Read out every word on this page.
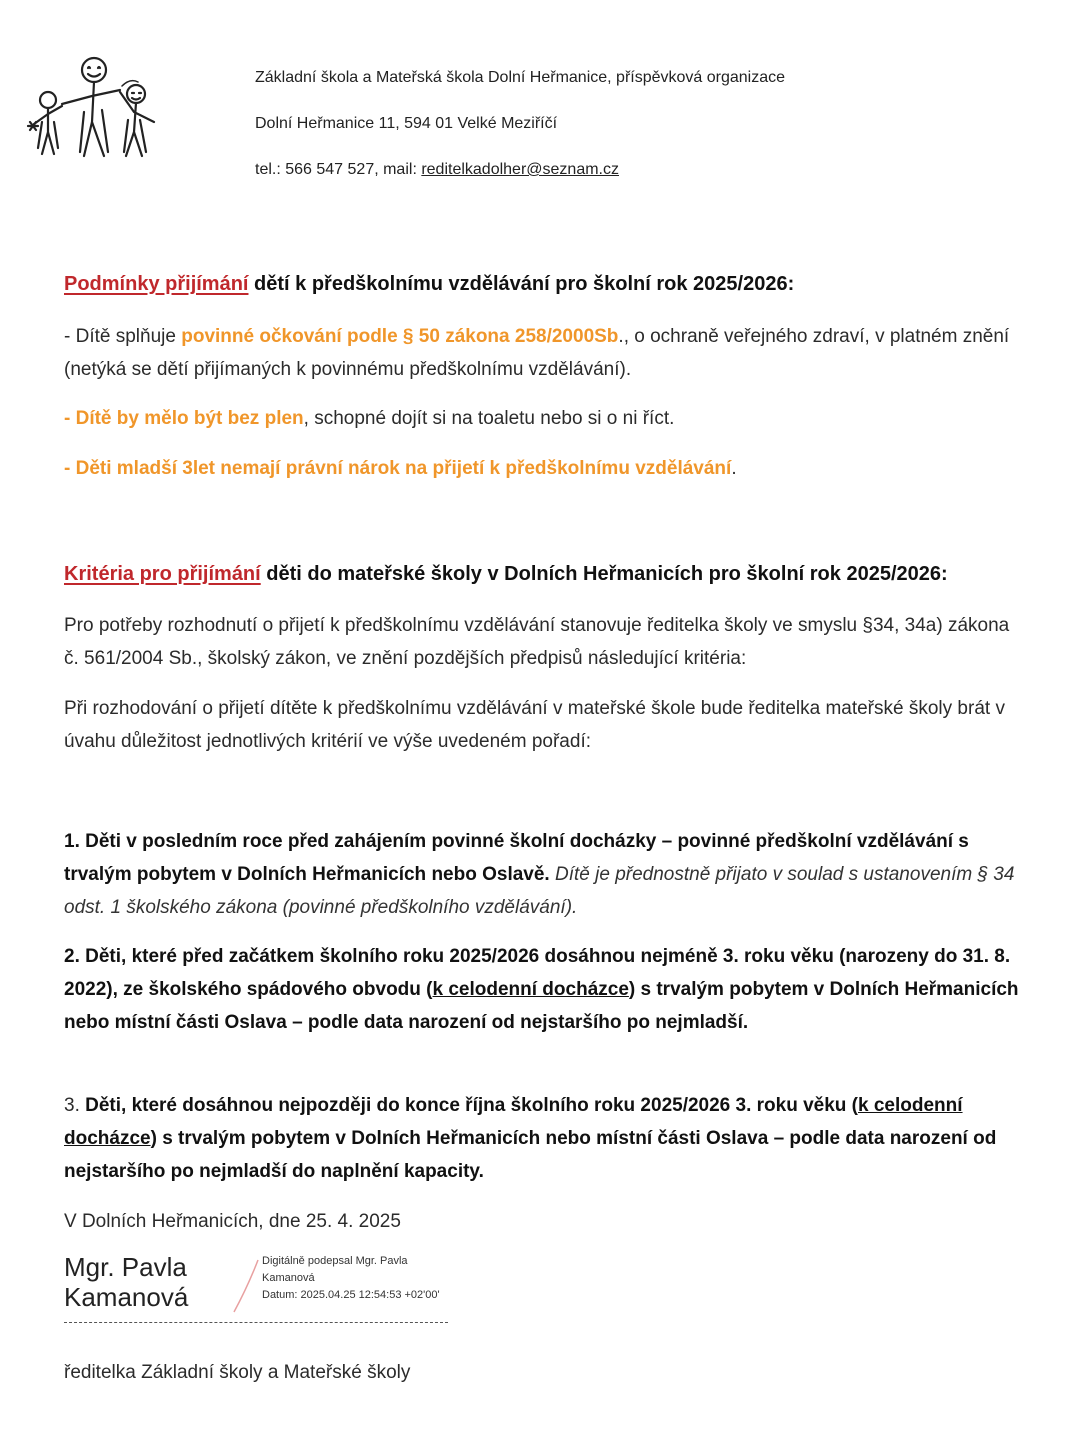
Základní škola a Mateřská škola Dolní Heřmanice, příspěvková organizace
Dolní Heřmanice 11, 594 01 Velké Meziříčí
tel.: 566 547 527, mail: reditelkadolher@seznam.cz
Podmínky přijímání dětí k předškolnímu vzdělávání pro školní rok 2025/2026:
- Dítě splňuje povinné očkování podle § 50 zákona 258/2000Sb., o ochraně veřejného zdraví, v platném znění (netýká se dětí přijímaných k povinnému předškolnímu vzdělávání).
- Dítě by mělo být bez plen, schopné dojít si na toaletu nebo si o ni říct.
- Děti mladší 3let nemají právní nárok na přijetí k předškolnímu vzdělávání.
Kritéria pro přijímání děti do mateřské školy v Dolních Heřmanicích pro školní rok 2025/2026:
Pro potřeby rozhodnutí o přijetí k předškolnímu vzdělávání stanovuje ředitelka školy ve smyslu §34, 34a) zákona č. 561/2004 Sb., školský zákon, ve znění pozdějších předpisů následující kritéria:
Při rozhodování o přijetí dítěte k předškolnímu vzdělávání v mateřské škole bude ředitelka mateřské školy brát v úvahu důležitost jednotlivých kritérií ve výše uvedeném pořadí:
1. Děti v posledním roce před zahájením povinné školní docházky – povinné předškolní vzdělávání s trvalým pobytem v Dolních Heřmanicích nebo Oslavě. Dítě je přednostně přijato v soulad s ustanovením § 34 odst. 1 školského zákona (povinné předškolního vzdělávání).
2. Děti, které před začátkem školního roku 2025/2026 dosáhnou nejméně 3. roku věku (narozeny do 31. 8. 2022), ze školského spádového obvodu (k celodenní docházce) s trvalým pobytem v Dolních Heřmanicích nebo místní části Oslava – podle data narození od nejstaršího po nejmladší.
3. Děti, které dosáhnou nejpozději do konce října školního roku 2025/2026 3. roku věku (k celodenní docházce) s trvalým pobytem v Dolních Heřmanicích nebo místní části Oslava – podle data narození od nejstaršího po nejmladší do naplnění kapacity.
V Dolních Heřmanicích, dne 25. 4. 2025
Mgr. Pavla Kamanová
Digitálně podepsal Mgr. Pavla Kamanová
Datum: 2025.04.25 12:54:53 +02'00'
ředitelka Základní školy a Mateřské školy
